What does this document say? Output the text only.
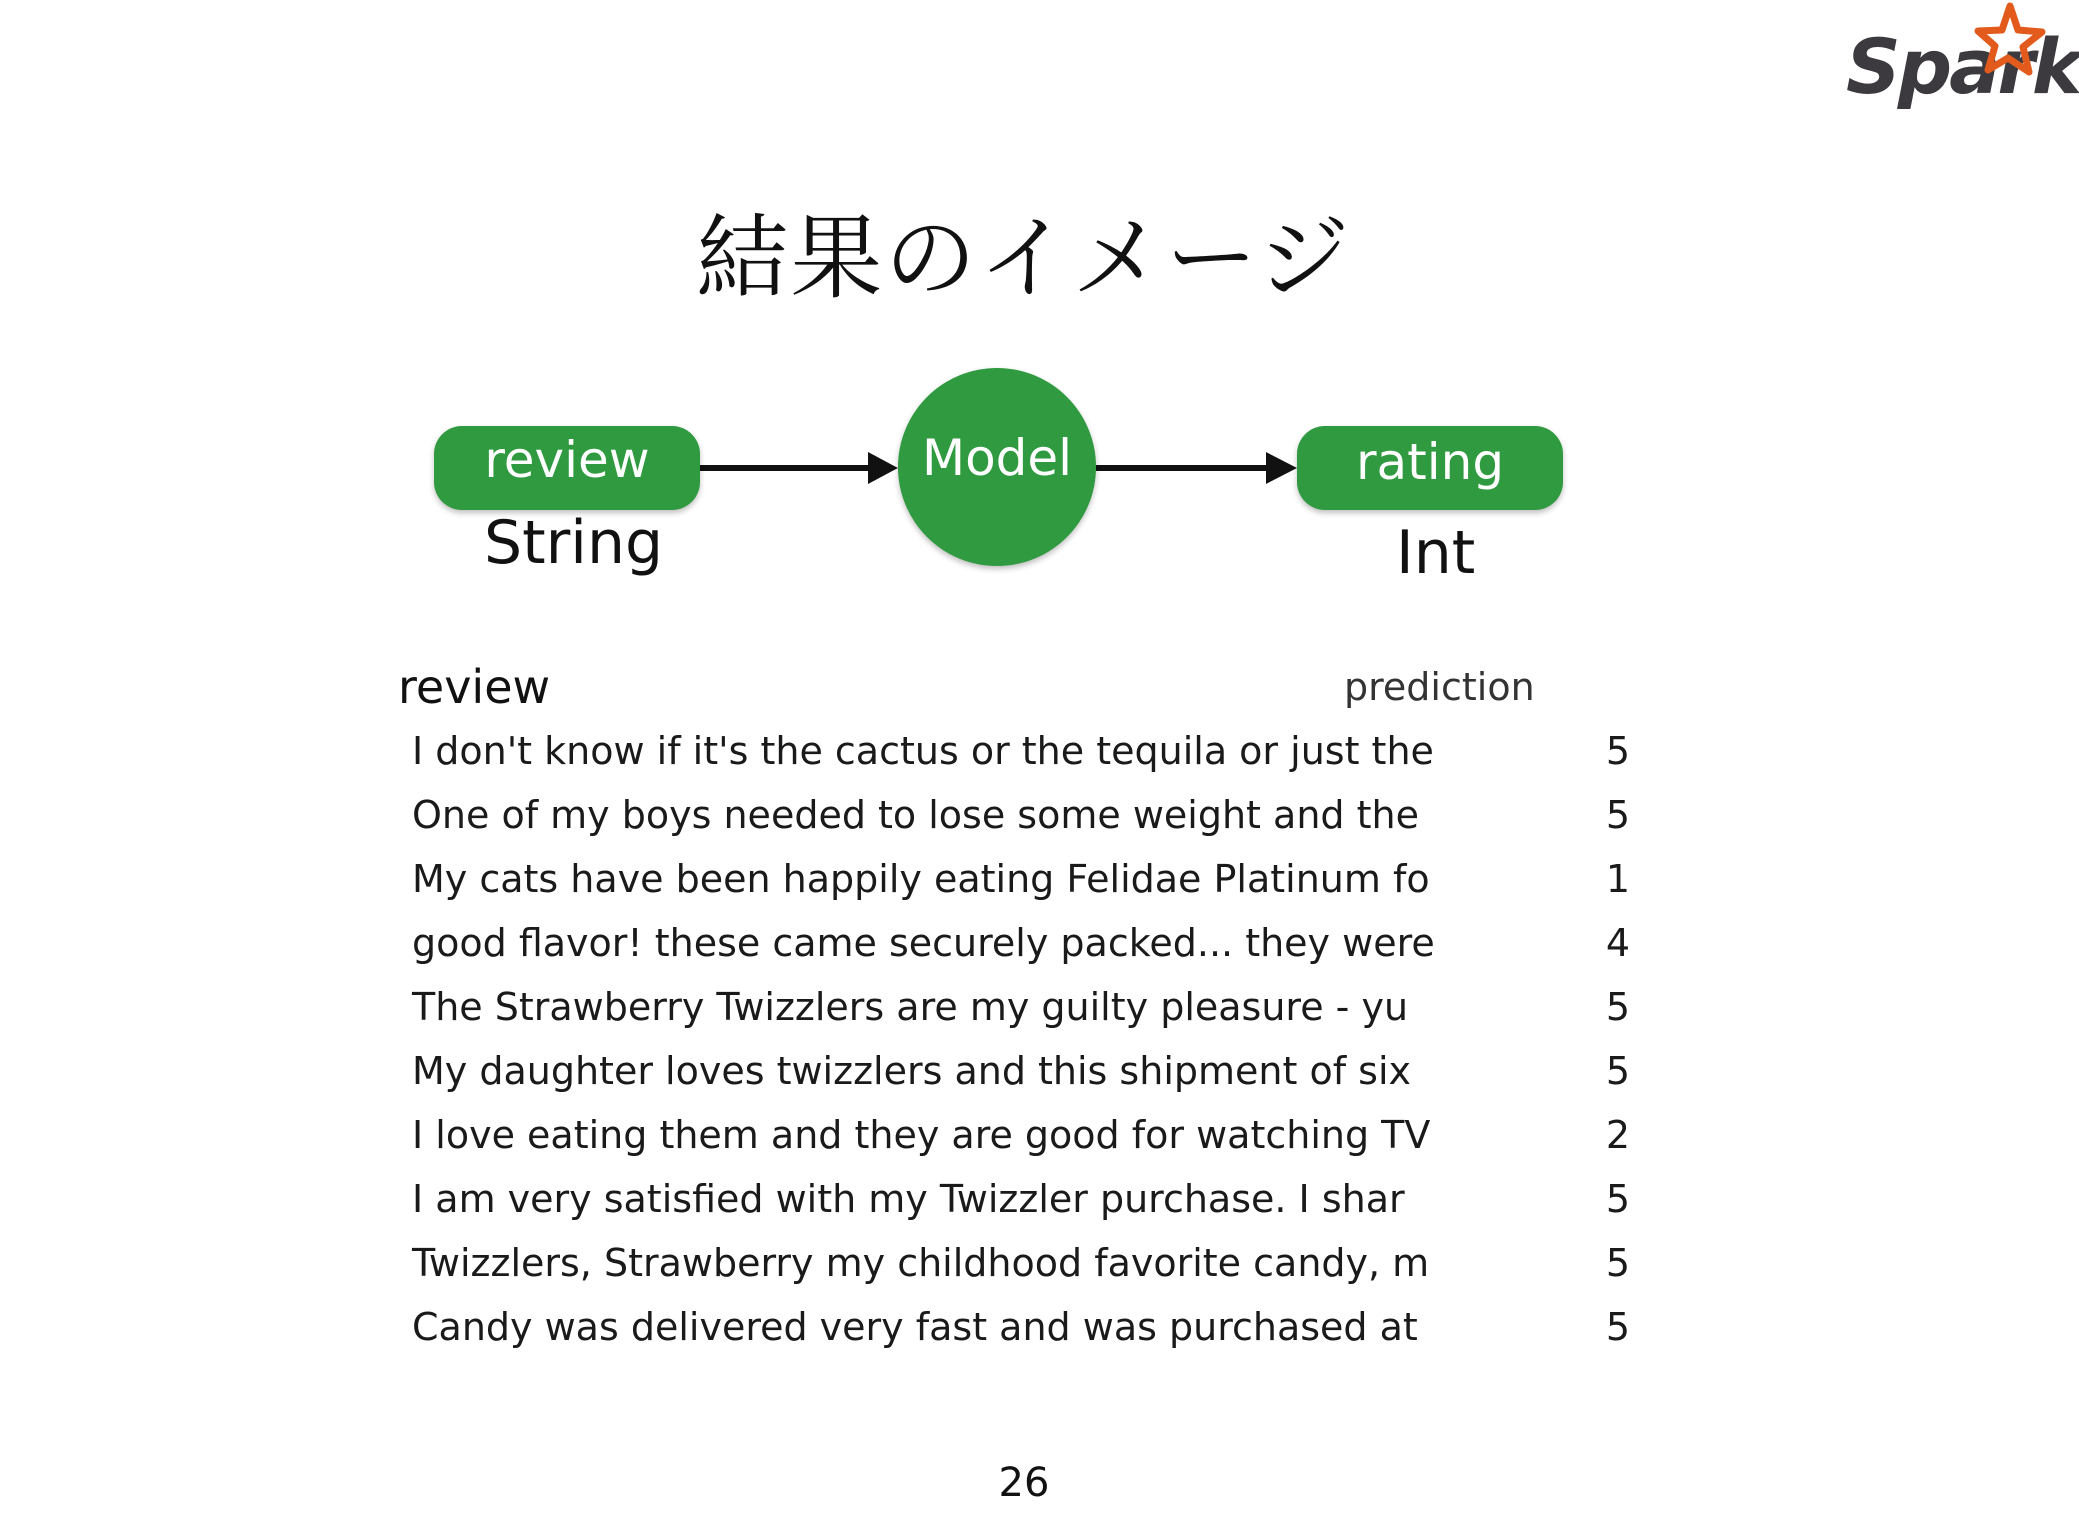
Spark
結果のイメージ
review	Model	rating
String	Int
review	prediction
I don't know if it's the cactus or the tequila or just the	5
One of my boys needed to lose some weight and the	5
My cats have been happily eating Felidae Platinum fo	1
good flavor! these came securely packed... they were	4
The Strawberry Twizzlers are my guilty pleasure - yu	5
My daughter loves twizzlers and this shipment of six	5
I love eating them and they are good for watching TV	2
I am very satisfied with my Twizzler purchase. I shar	5
Twizzlers, Strawberry my childhood favorite candy, m	5
Candy was delivered very fast and was purchased at	5
26
